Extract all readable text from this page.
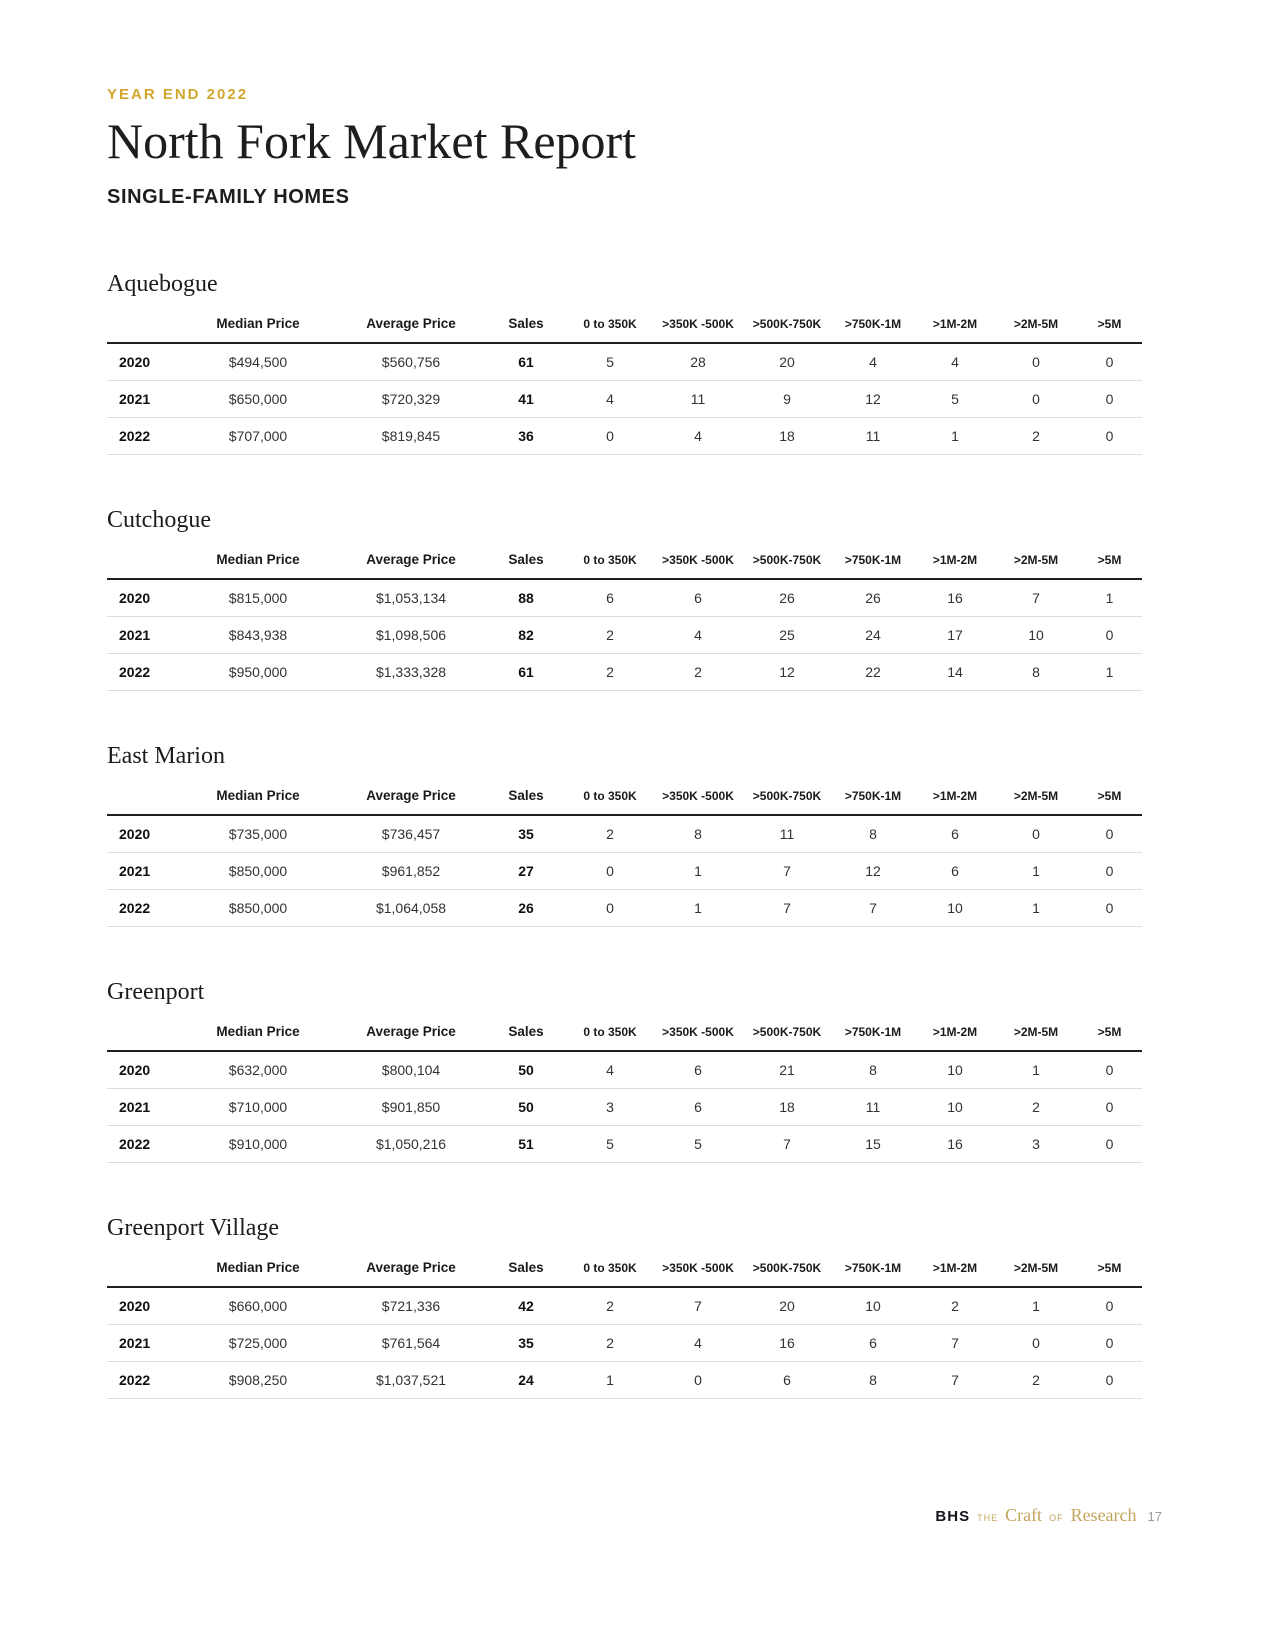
YEAR END 2022
North Fork Market Report
SINGLE-FAMILY HOMES
Aquebogue
	Median Price	Average Price	Sales	0 to 350K	>350K -500K	>500K-750K	>750K-1M	>1M-2M	>2M-5M	>5M
2020	$494,500	$560,756	61	5	28	20	4	4	0	0
2021	$650,000	$720,329	41	4	11	9	12	5	0	0
2022	$707,000	$819,845	36	0	4	18	11	1	2	0
Cutchogue
	Median Price	Average Price	Sales	0 to 350K	>350K -500K	>500K-750K	>750K-1M	>1M-2M	>2M-5M	>5M
2020	$815,000	$1,053,134	88	6	6	26	26	16	7	1
2021	$843,938	$1,098,506	82	2	4	25	24	17	10	0
2022	$950,000	$1,333,328	61	2	2	12	22	14	8	1
East Marion
	Median Price	Average Price	Sales	0 to 350K	>350K -500K	>500K-750K	>750K-1M	>1M-2M	>2M-5M	>5M
2020	$735,000	$736,457	35	2	8	11	8	6	0	0
2021	$850,000	$961,852	27	0	1	7	12	6	1	0
2022	$850,000	$1,064,058	26	0	1	7	7	10	1	0
Greenport
	Median Price	Average Price	Sales	0 to 350K	>350K -500K	>500K-750K	>750K-1M	>1M-2M	>2M-5M	>5M
2020	$632,000	$800,104	50	4	6	21	8	10	1	0
2021	$710,000	$901,850	50	3	6	18	11	10	2	0
2022	$910,000	$1,050,216	51	5	5	7	15	16	3	0
Greenport Village
	Median Price	Average Price	Sales	0 to 350K	>350K -500K	>500K-750K	>750K-1M	>1M-2M	>2M-5M	>5M
2020	$660,000	$721,336	42	2	7	20	10	2	1	0
2021	$725,000	$761,564	35	2	4	16	6	7	0	0
2022	$908,250	$1,037,521	24	1	0	6	8	7	2	0
BHS THE Craft OF Research 17
